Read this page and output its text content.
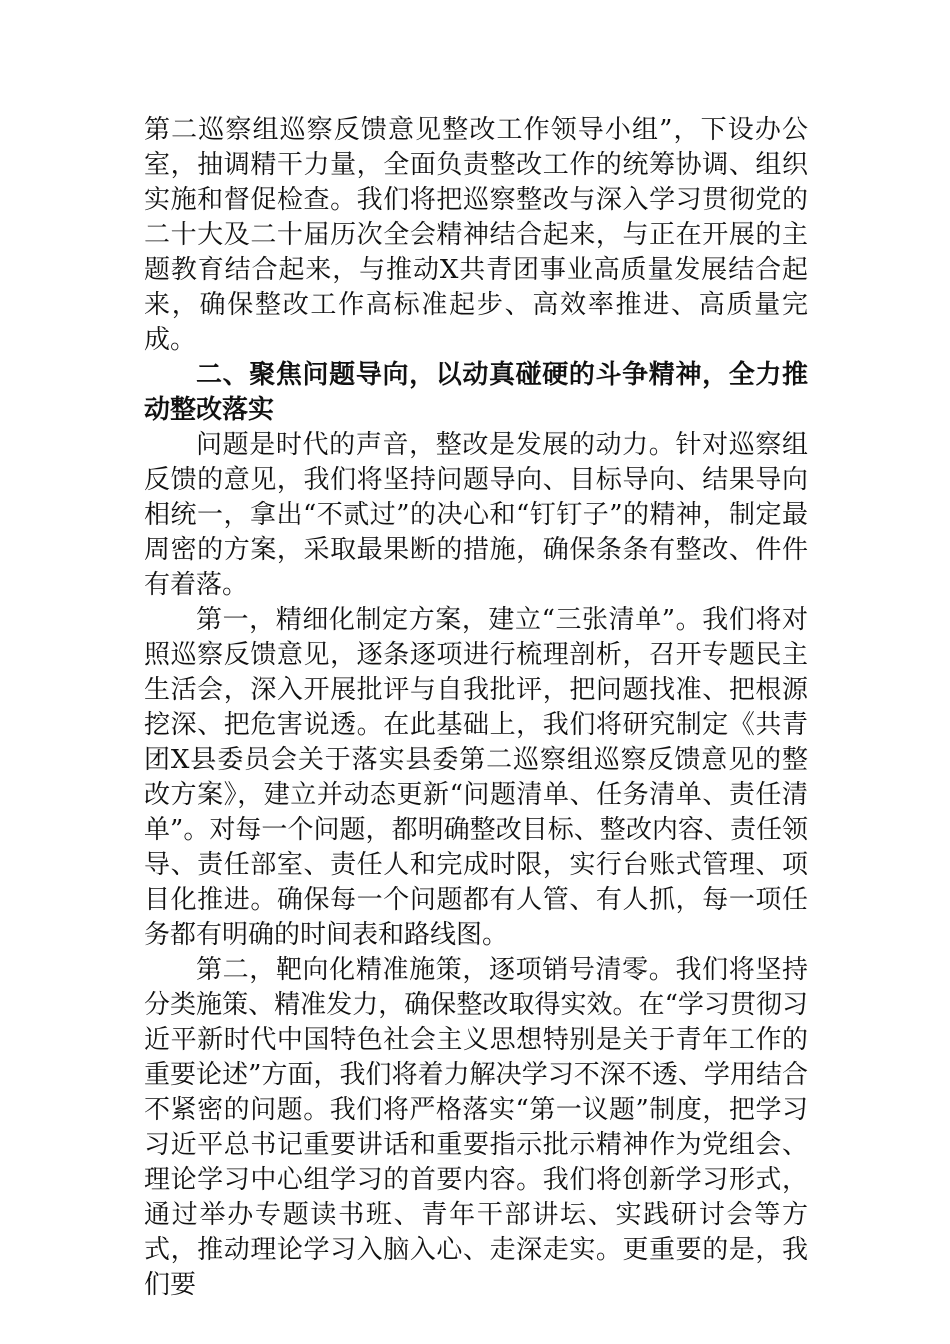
第二巡察组巡察反馈意见整改工作领导小组”，下设办公室，抽调精干力量，全面负责整改工作的统筹协调、组织实施和督促检查。我们将把巡察整改与深入学习贯彻党的二十大及二十届历次全会精神结合起来，与正在开展的主题教育结合起来，与推动X共青团事业高质量发展结合起来，确保整改工作高标准起步、高效率推进、高质量完成。

二、聚焦问题导向，以动真碰硬的斗争精神，全力推动整改落实

问题是时代的声音，整改是发展的动力。针对巡察组反馈的意见，我们将坚持问题导向、目标导向、结果导向相统一，拿出“不贰过”的决心和“钉钉子”的精神，制定最周密的方案，采取最果断的措施，确保条条有整改、件件有着落。

第一，精细化制定方案，建立“三张清单”。我们将对照巡察反馈意见，逐条逐项进行梳理剖析，召开专题民主生活会，深入开展批评与自我批评，把问题找准、把根源挖深、把危害说透。在此基础上，我们将研究制定《共青团X县委员会关于落实县委第二巡察组巡察反馈意见的整改方案》，建立并动态更新“问题清单、任务清单、责任清单”。对每一个问题，都明确整改目标、整改内容、责任领导、责任部室、责任人和完成时限，实行台账式管理、项目化推进。确保每一个问题都有人管、有人抓，每一项任务都有明确的时间表和路线图。

第二，靶向化精准施策，逐项销号清零。我们将坚持分类施策、精准发力，确保整改取得实效。在“学习贯彻习近平新时代中国特色社会主义思想特别是关于青年工作的重要论述”方面，我们将着力解决学习不深不透、学用结合不紧密的问题。我们将严格落实“第一议题”制度，把学习习近平总书记重要讲话和重要指示批示精神作为党组会、理论学习中心组学习的首要内容。我们将创新学习形式，通过举办专题读书班、青年干部讲坛、实践研讨会等方式，推动理论学习入脑入心、走深走实。更重要的是，我们要
